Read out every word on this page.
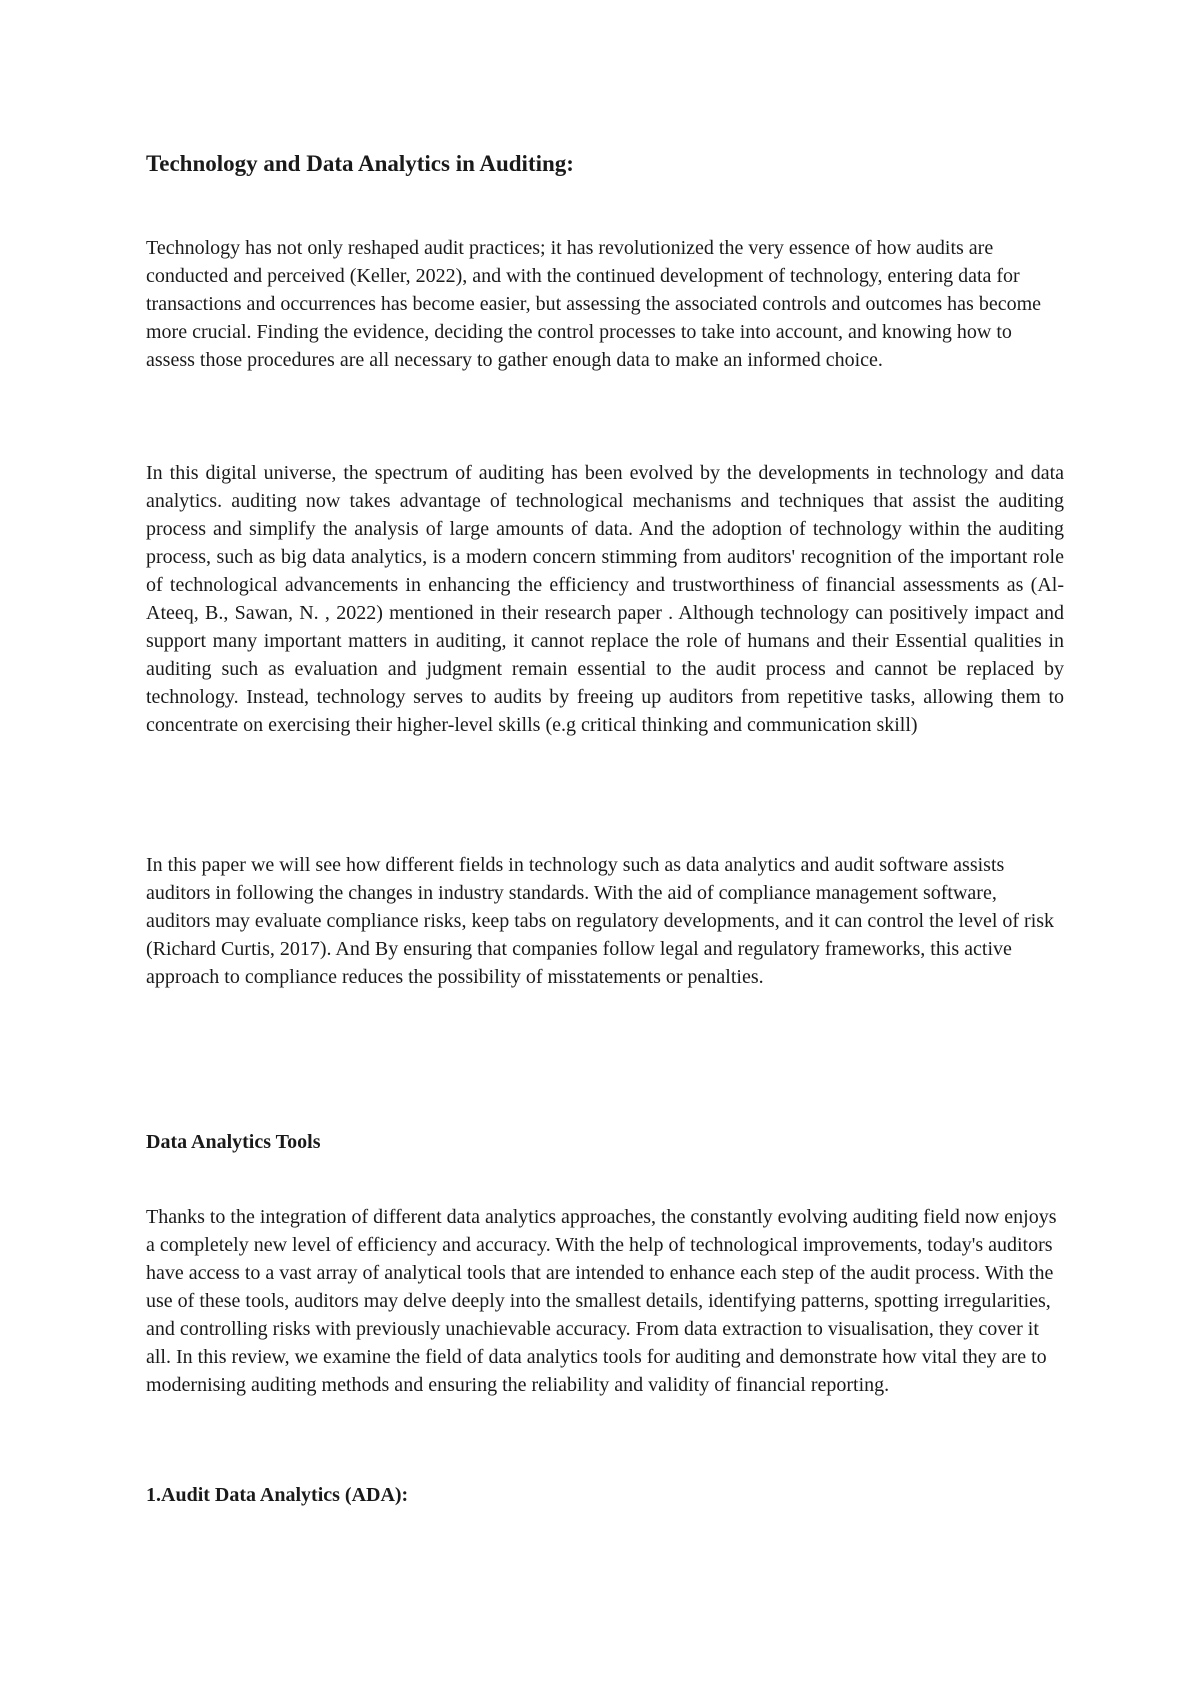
Technology and Data Analytics in Auditing:

Technology has not only reshaped audit practices; it has revolutionized the very essence of how audits are conducted and perceived (Keller, 2022), and with the continued development of technology, entering data for transactions and occurrences has become easier, but assessing the associated controls and outcomes has become more crucial. Finding the evidence, deciding the control processes to take into account, and knowing how to assess those procedures are all necessary to gather enough data to make an informed choice.

In this digital universe, the spectrum of auditing has been evolved by the developments in technology and data analytics. auditing now takes advantage of technological mechanisms and techniques that assist the auditing process and simplify the analysis of large amounts of data. And the adoption of technology within the auditing process, such as big data analytics, is a modern concern stimming from auditors' recognition of the important role of technological advancements in enhancing the efficiency and trustworthiness of financial assessments as (Al-Ateeq, B., Sawan, N. , 2022) mentioned in their research paper . Although technology can positively impact and support many important matters in auditing, it cannot replace the role of humans and their Essential qualities in auditing such as evaluation and judgment remain essential to the audit process and cannot be replaced by technology. Instead, technology serves to audits by freeing up auditors from repetitive tasks, allowing them to concentrate on exercising their higher-level skills (e.g critical thinking and communication skill)

In this paper we will see how different fields in technology such as data analytics and audit software assists auditors in following the changes in industry standards. With the aid of compliance management software, auditors may evaluate compliance risks, keep tabs on regulatory developments, and it can control the level of risk (Richard Curtis, 2017). And By ensuring that companies follow legal and regulatory frameworks, this active approach to compliance reduces the possibility of misstatements or penalties.

Data Analytics Tools

Thanks to the integration of different data analytics approaches, the constantly evolving auditing field now enjoys a completely new level of efficiency and accuracy. With the help of technological improvements, today's auditors have access to a vast array of analytical tools that are intended to enhance each step of the audit process. With the use of these tools, auditors may delve deeply into the smallest details, identifying patterns, spotting irregularities, and controlling risks with previously unachievable accuracy. From data extraction to visualisation, they cover it all. In this review, we examine the field of data analytics tools for auditing and demonstrate how vital they are to modernising auditing methods and ensuring the reliability and validity of financial reporting.

1.Audit Data Analytics (ADA):
